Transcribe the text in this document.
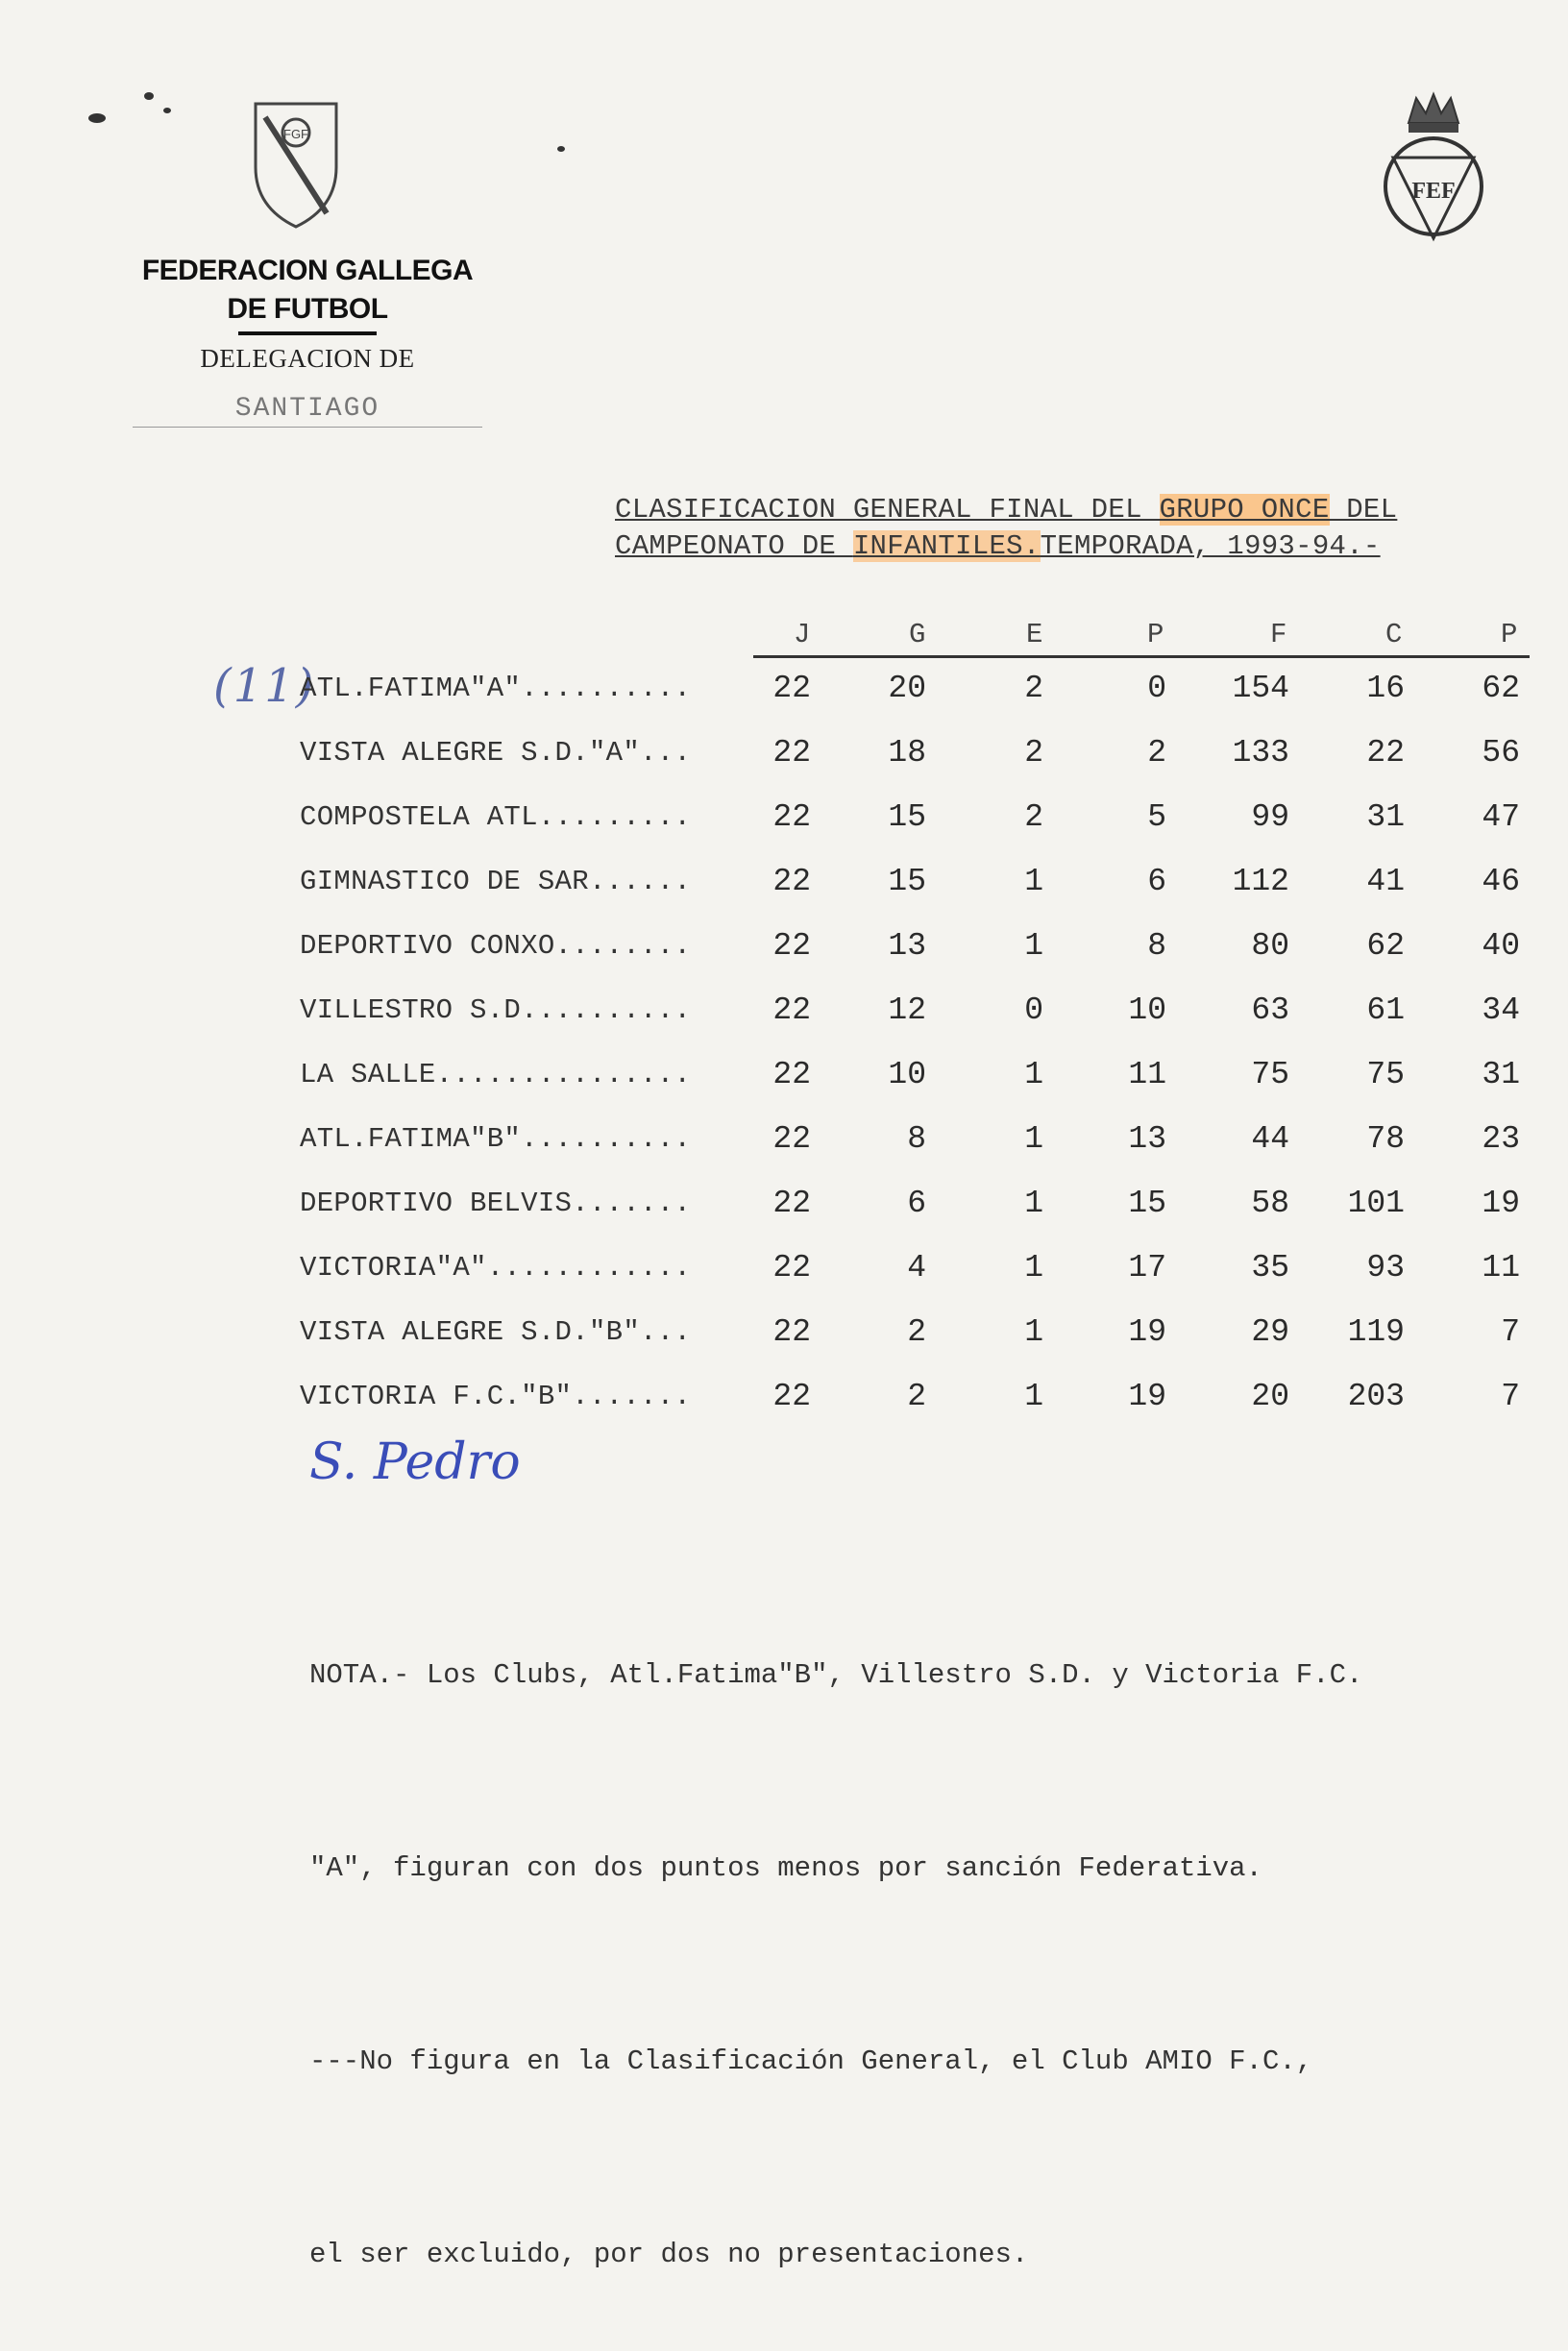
FGF
FEF
FEDERACION GALLEGA
DE FUTBOL
DELEGACION DE
SANTIAGO
CLASIFICACION GENERAL FINAL DEL GRUPO ONCE DEL
CAMPEONATO DE INFANTILES.TEMPORADA, 1993-94.-
(11)
S. Pedro
J	G	E	P	F	C	P
ATL.FATIMA"A"..........	22	20	2	0	154	16	62
VISTA ALEGRE S.D."A"...	22	18	2	2	133	22	56
COMPOSTELA ATL.........	22	15	2	5	99	31	47
GIMNASTICO DE SAR......	22	15	1	6	112	41	46
DEPORTIVO CONXO........	22	13	1	8	80	62	40
VILLESTRO S.D..........	22	12	0	10	63	61	34
LA SALLE...............	22	10	1	11	75	75	31
ATL.FATIMA"B"..........	22	8	1	13	44	78	23
DEPORTIVO BELVIS.......	22	6	1	15	58	101	19
VICTORIA"A"............	22	4	1	17	35	93	11
VISTA ALEGRE S.D."B"...	22	2	1	19	29	119	7
VICTORIA F.C."B".......	22	2	1	19	20	203	7

NOTA.- Los Clubs, Atl.Fatima"B", Villestro S.D. y Victoria F.C.

"A", figuran con dos puntos menos por sanción Federativa.

---No figura en la Clasificación General, el Club AMIO F.C.,

el ser excluido, por dos no presentaciones.
